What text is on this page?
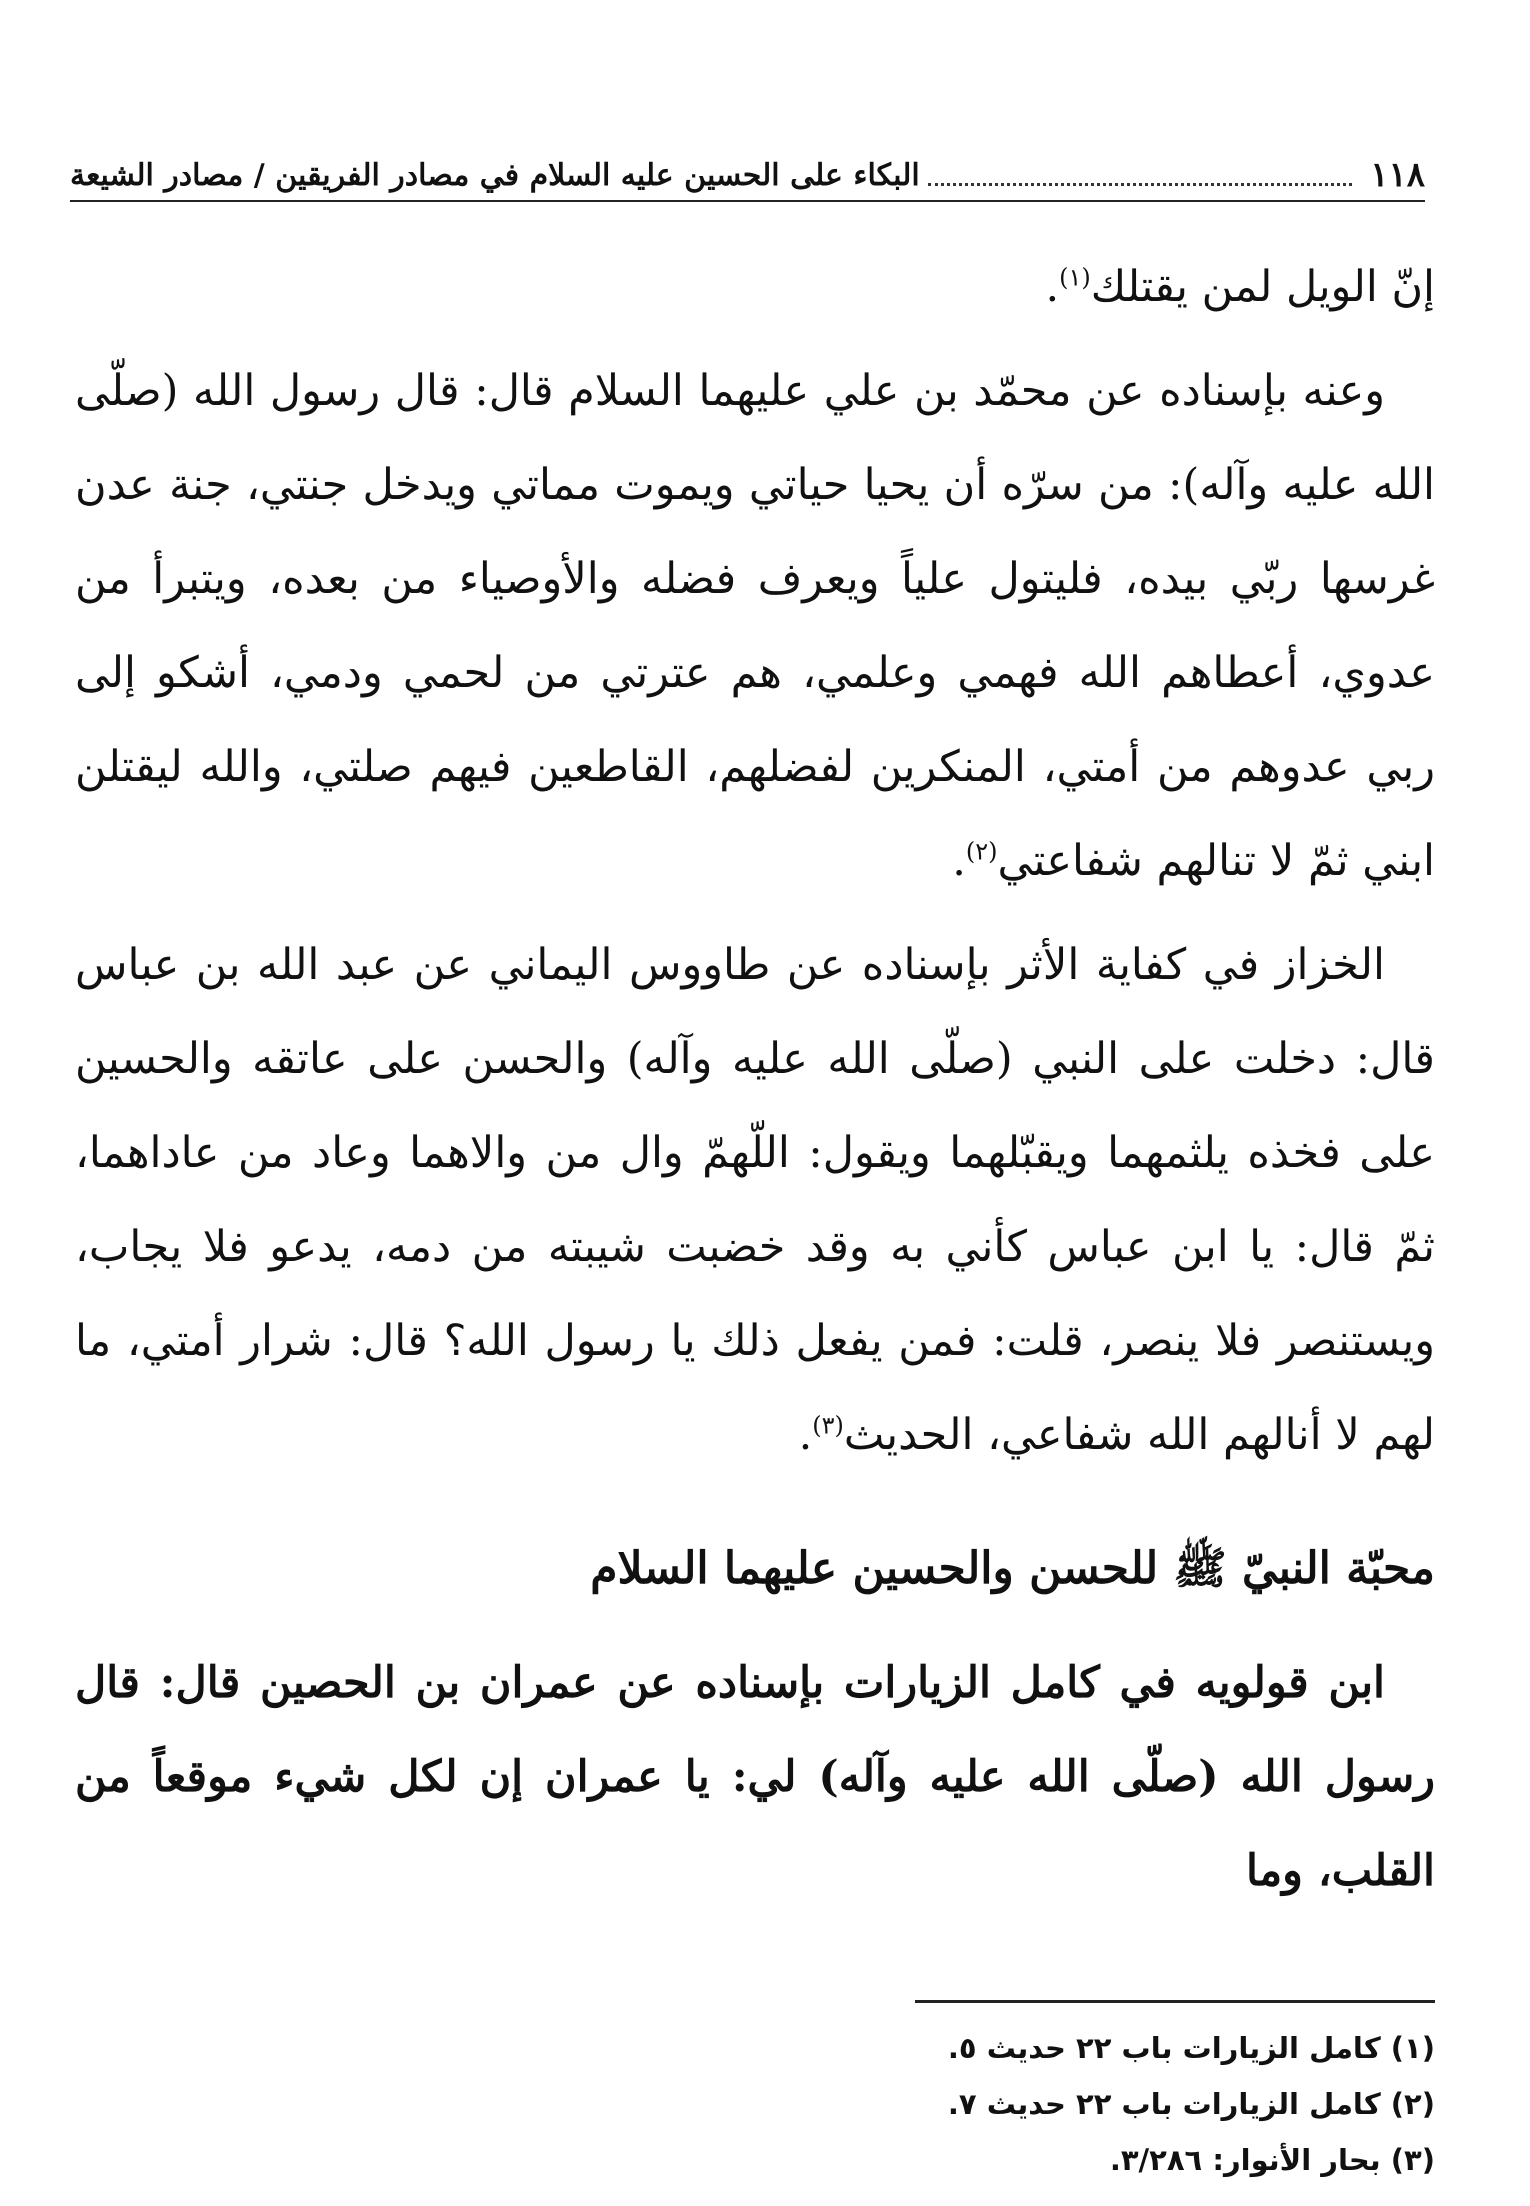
١١٨
البكاء على الحسين عليه السلام في مصادر الفريقين / مصادر الشيعة

إنّ الويل لمن يقتلك$^{(١)}$.

وعنه بإسناده عن محمّد بن علي عليهما السلام قال: قال رسول الله (صلّى الله عليه وآله): من سرّه أن يحيا حياتي ويموت مماتي ويدخل جنتي، جنة عدن غرسها ربّي بيده، فليتول علياً ويعرف فضله والأوصياء من بعده، ويتبرأ من عدوي، أعطاهم الله فهمي وعلمي، هم عترتي من لحمي ودمي، أشكو إلى ربي عدوهم من أمتي، المنكرين لفضلهم، القاطعين فيهم صلتي، والله ليقتلن ابني ثمّ لا تنالهم شفاعتي$^{(٢)}$.

الخزاز في كفاية الأثر بإسناده عن طاووس اليماني عن عبد الله بن عباس قال: دخلت على النبي (صلّى الله عليه وآله) والحسن على عاتقه والحسين على فخذه يلثمهما ويقبّلهما ويقول: اللّهمّ وال من والاهما وعاد من عاداهما، ثمّ قال: يا ابن عباس كأني به وقد خضبت شيبته من دمه، يدعو فلا يجاب، ويستنصر فلا ينصر، قلت: فمن يفعل ذلك يا رسول الله؟ قال: شرار أمتي، ما لهم لا أنالهم الله شفاعي، الحديث$^{(٣)}$.

محبّة النبيّ ﷺ للحسن والحسين عليهما السلام

ابن قولويه في كامل الزيارات بإسناده عن عمران بن الحصين قال: قال رسول الله (صلّى الله عليه وآله) لي: يا عمران إن لكل شيء موقعاً من القلب، وما

(١) كامل الزيارات باب ٢٢ حديث ٥.
(٢) كامل الزيارات باب ٢٢ حديث ٧.
(٣) بحار الأنوار: ٣/٢٨٦.
